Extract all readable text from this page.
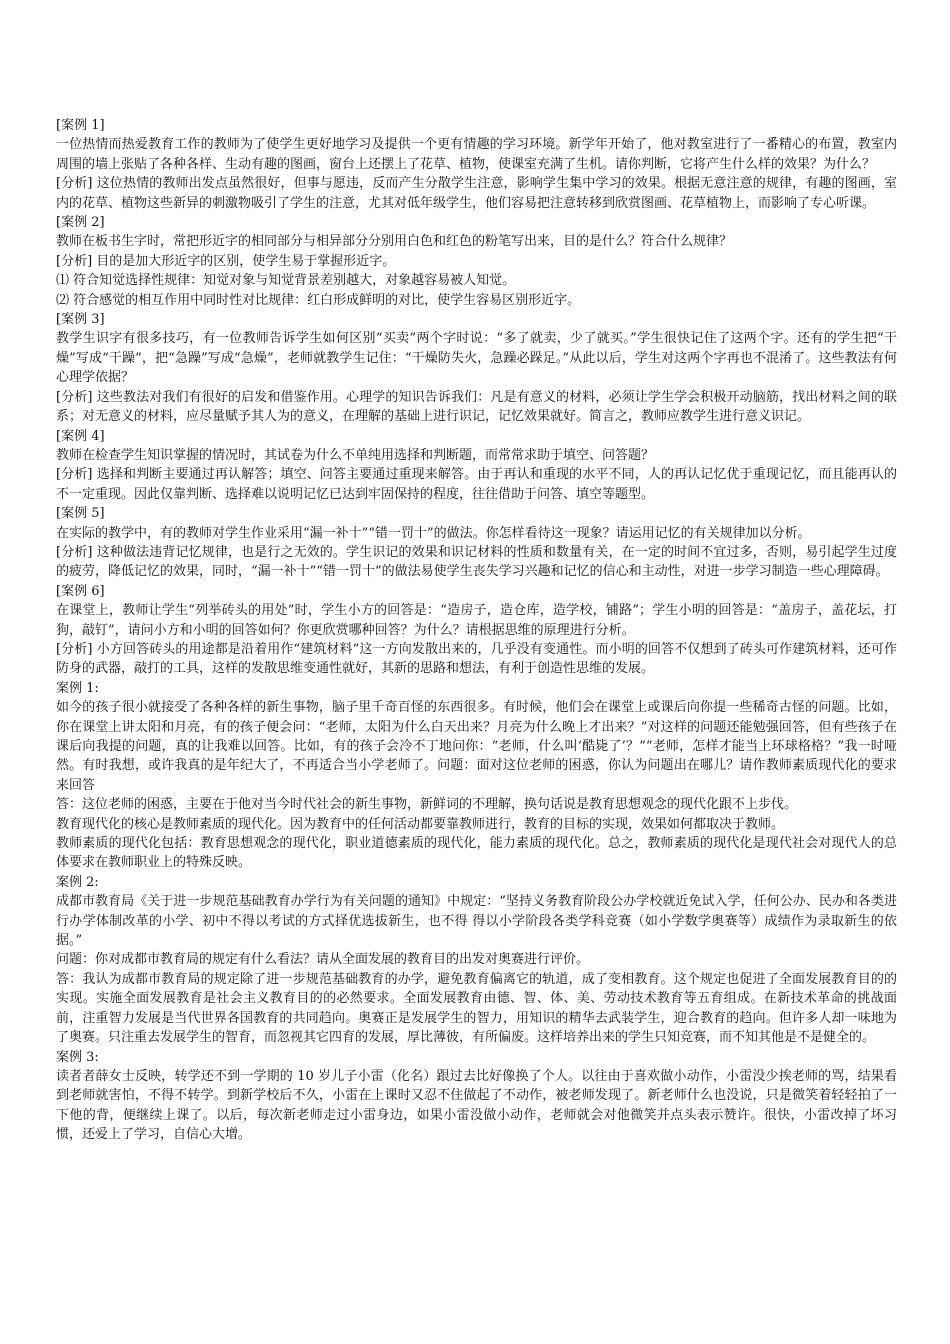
[案例 1]

一位热情而热爱教育工作的教师为了使学生更好地学习及提供一个更有情趣的学习环境。新学年开始了，他对教室进行了一番精心的布置，教室内周围的墙上张贴了各种各样、生动有趣的图画，窗台上还摆上了花草、植物，使课室充满了生机。请你判断，它将产生什么样的效果？为什么？

[分析] 这位热情的教师出发点虽然很好，但事与愿违，反而产生分散学生注意，影响学生集中学习的效果。根据无意注意的规律，有趣的图画，室内的花草、植物这些新异的刺激物吸引了学生的注意，尤其对低年级学生，他们容易把注意转移到欣赏图画、花草植物上，而影响了专心听课。

[案例 2]

教师在板书生字时，常把形近字的相同部分与相异部分分别用白色和红色的粉笔写出来，目的是什么？符合什么规律？

[分析] 目的是加大形近字的区别，使学生易于掌握形近字。

⑴ 符合知觉选择性规律：知觉对象与知觉背景差别越大，对象越容易被人知觉。

⑵ 符合感觉的相互作用中同时性对比规律：红白形成鲜明的对比，使学生容易区别形近字。

[案例 3]

教学生识字有很多技巧，有一位教师告诉学生如何区别“买卖”两个字时说：“多了就卖，少了就买。”学生很快记住了这两个字。还有的学生把“干燥”写成“干躁”，把“急躁”写成“急燥”，老师就教学生记住：“干燥防失火，急躁必跺足。”从此以后，学生对这两个字再也不混淆了。这些教法有何心理学依据？

[分析] 这些教法对我们有很好的启发和借鉴作用。心理学的知识告诉我们：凡是有意义的材料，必须让学生学会积极开动脑筋，找出材料之间的联系；对无意义的材料，应尽量赋予其人为的意义，在理解的基础上进行识记，记忆效果就好。简言之，教师应教学生进行意义识记。

[案例 4]

教师在检查学生知识掌握的情况时，其试卷为什么不单纯用选择和判断题，而常常求助于填空、问答题？

[分析] 选择和判断主要通过再认解答；填空、问答主要通过重现来解答。由于再认和重现的水平不同，人的再认记忆优于重现记忆，而且能再认的不一定重现。因此仅靠判断、选择难以说明记忆已达到牢固保持的程度，往往借助于问答、填空等题型。

[案例 5]

在实际的教学中，有的教师对学生作业采用“漏一补十”“错一罚十”的做法。你怎样看待这一现象？请运用记忆的有关规律加以分析。

[分析] 这种做法违背记忆规律，也是行之无效的。学生识记的效果和识记材料的性质和数量有关，在一定的时间不宜过多，否则，易引起学生过度的疲劳，降低记忆的效果，同时，“漏一补十”“错一罚十”的做法易使学生丧失学习兴趣和记忆的信心和主动性，对进一步学习制造一些心理障碍。

[案例 6]

在课堂上，教师让学生“列举砖头的用处”时，学生小方的回答是：“造房子，造仓库，造学校，铺路”；学生小明的回答是：“盖房子，盖花坛，打狗，敲钉”，请问小方和小明的回答如何？你更欣赏哪种回答？为什么？请根据思维的原理进行分析。

[分析] 小方回答砖头的用途都是沿着用作“建筑材料”这一方向发散出来的，几乎没有变通性。而小明的回答不仅想到了砖头可作建筑材料，还可作防身的武器，敲打的工具，这样的发散思维变通性就好，其新的思路和想法，有利于创造性思维的发展。

案例 1:

如今的孩子很小就接受了各种各样的新生事物，脑子里千奇百怪的东西很多。有时候，他们会在课堂上或课后向你提一些稀奇古怪的问题。比如，你在课堂上讲太阳和月亮，有的孩子便会问：“老师，太阳为什么白天出来？月亮为什么晚上才出来？”对这样的问题还能勉强回答，但有些孩子在课后向我提的问题，真的让我难以回答。比如，有的孩子会冷不丁地问你：“老师，什么叫‘酷毙了’？”“老师，怎样才能当上环球格格？”我一时哑然。有时我想，或许我真的是年纪大了，不再适合当小学老师了。问题：面对这位老师的困惑，你认为问题出在哪儿？请作教师素质现代化的要求来回答

答：这位老师的困惑，主要在于他对当今时代社会的新生事物，新鲜词的不理解，换句话说是教育思想观念的现代化跟不上步伐。

教育现代化的核心是教师素质的现代化。因为教育中的任何活动都要靠教师进行，教育的目标的实现，效果如何都取决于教师。

教师素质的现代化包括：教育思想观念的现代化，职业道德素质的现代化，能力素质的现代化。总之，教师素质的现代化是现代社会对现代人的总体要求在教师职业上的特殊反映。

案例 2:

成都市教育局《关于进一步规范基础教育办学行为有关问题的通知》中规定：“坚持义务教育阶段公办学校就近免试入学，任何公办、民办和各类进行办学体制改革的小学、初中不得以考试的方式择优选拔新生，也不得 得以小学阶段各类学科竞赛（如小学数学奥赛等）成绩作为录取新生的依据。”

问题：你对成都市教育局的规定有什么看法？请从全面发展的教育目的出发对奥赛进行评价。

答：我认为成都市教育局的规定除了进一步规范基础教育的办学，避免教育偏离它的轨道，成了变相教育。这个规定也促进了全面发展教育目的的实现。实施全面发展教育是社会主义教育目的的必然要求。全面发展教育由德、智、体、美、劳动技术教育等五育组成。在新技术革命的挑战面前，注重智力发展是当代世界各国教育的共同趋向。奥赛正是发展学生的智力，用知识的精华去武装学生，迎合教育的趋向。但许多人却一味地为了奥赛。只注重去发展学生的智育，而忽视其它四育的发展，厚比薄彼，有所偏废。这样培养出来的学生只知竞赛，而不知其他是不是健全的。

案例 3:

读者者薛女士反映，转学还不到一学期的 10 岁儿子小雷（化名）跟过去比好像换了个人。以往由于喜欢做小动作，小雷没少挨老师的骂，结果看到老师就害怕，不得不转学。到新学校后不久，小雷在上课时又忍不住做起了不动作，被老师发现了。新老师什么也没说，只是微笑着轻轻拍了一下他的背，便继续上课了。以后，每次新老师走过小雷身边，如果小雷没做小动作，老师就会对他微笑并点头表示赞许。很快，小雷改掉了坏习惯，还爱上了学习，自信心大增。
